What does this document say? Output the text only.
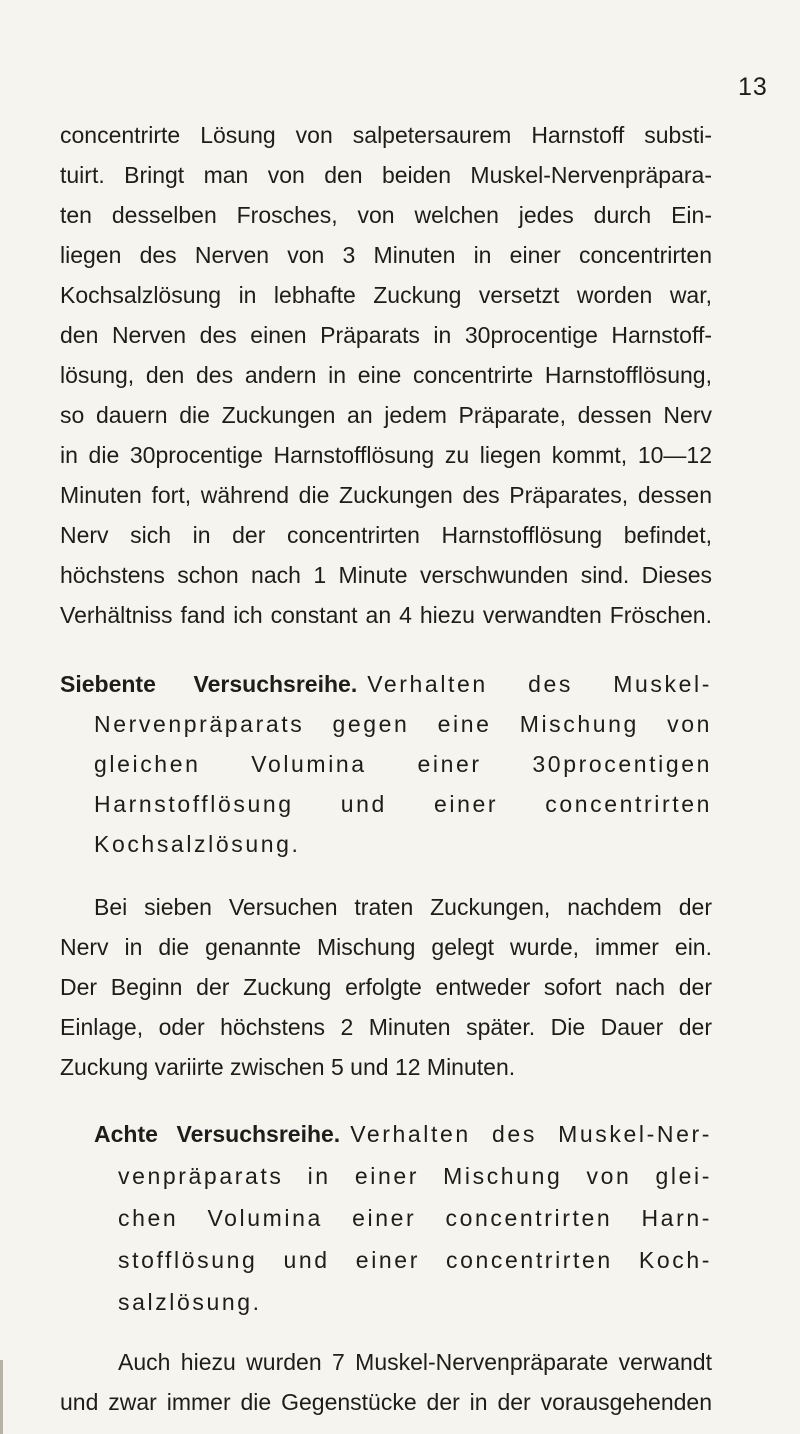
13
concentrirte Lösung von salpetersaurem Harnstoff substi-
tuirt. Bringt man von den beiden Muskel-Nervenpräpara-
ten desselben Frosches, von welchen jedes durch Ein-
liegen des Nerven von 3 Minuten in einer concentrirten
Kochsalzlösung in lebhafte Zuckung versetzt worden war,
den Nerven des einen Präparats in 30procentige Harnstoff-
lösung, den des andern in eine concentrirte Harnstofflösung,
so dauern die Zuckungen an jedem Präparate, dessen Nerv
in die 30procentige Harnstofflösung zu liegen kommt, 10—12
Minuten fort, während die Zuckungen des Präparates, dessen
Nerv sich in der concentrirten Harnstofflösung befindet,
höchstens schon nach 1 Minute verschwunden sind. Dieses
Verhältniss fand ich constant an 4 hiezu verwandten Fröschen.
Siebente Versuchsreihe. Verhalten des Muskel-
Nervenpräparats gegen eine Mischung von
gleichen Volumina einer 30procentigen
Harnstofflösung und einer concentrirten
Kochsalzlösung.
Bei sieben Versuchen traten Zuckungen, nachdem der
Nerv in die genannte Mischung gelegt wurde, immer ein.
Der Beginn der Zuckung erfolgte entweder sofort nach der
Einlage, oder höchstens 2 Minuten später. Die Dauer der
Zuckung variirte zwischen 5 und 12 Minuten.
Achte Versuchsreihe. Verhalten des Muskel-Ner-
venpräparats in einer Mischung von glei-
chen Volumina einer concentrirten Harn-
stofflösung und einer concentrirten Koch-
salzlösung.
Auch hiezu wurden 7 Muskel-Nervenpräparate verwandt
und zwar immer die Gegenstücke der in der vorausgehenden
